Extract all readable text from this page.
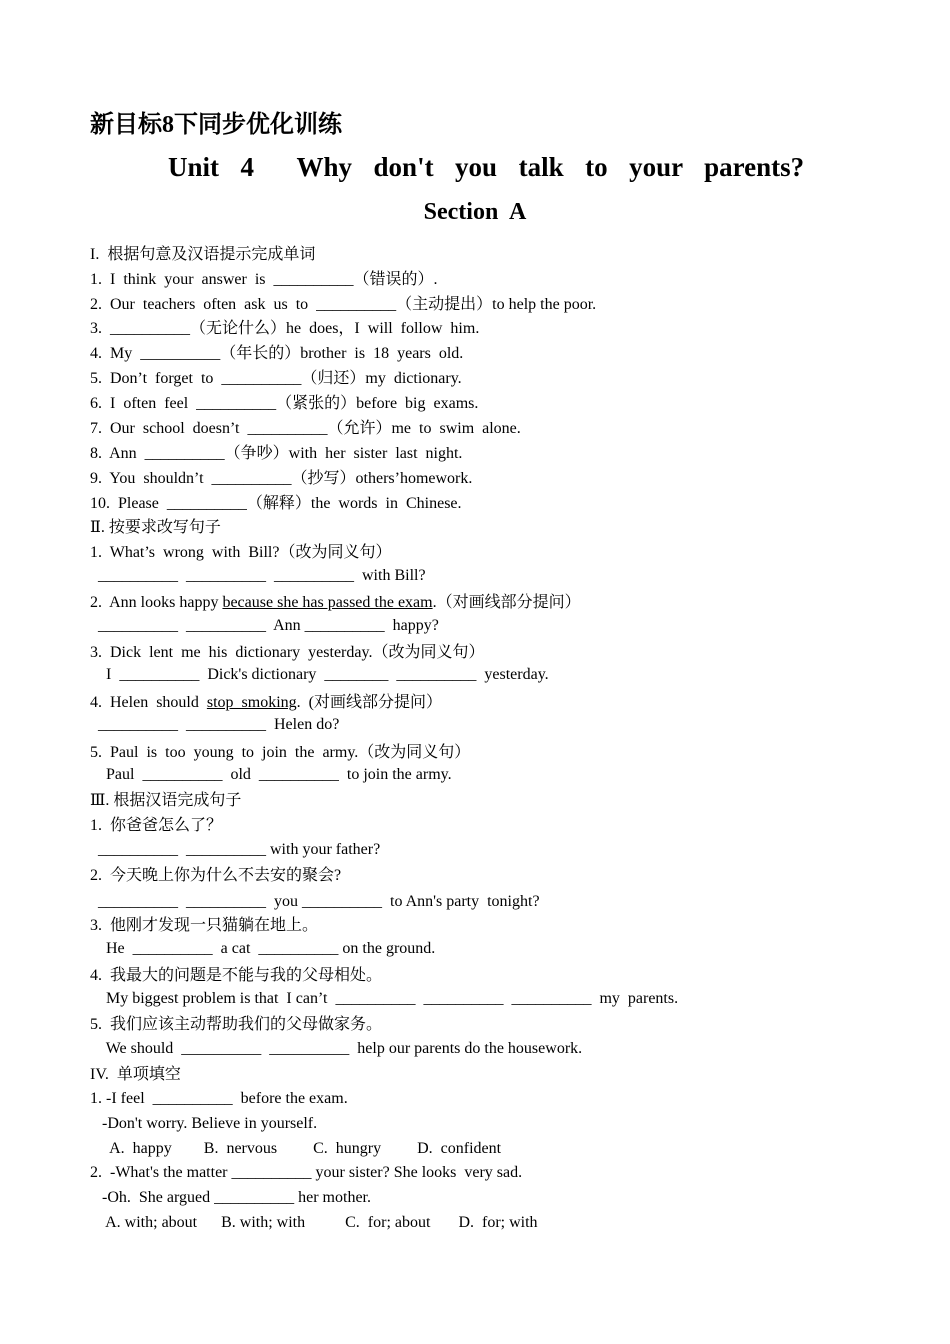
新目标8下同步优化训练
Unit  4    Why  don't  you  talk  to  your  parents?
Section  A
I.  根据句意及汉语提示完成单词
1.  I  think  your  answer  is  __________（错误的）.
2.  Our  teachers  often  ask  us  to  __________（主动提出）to help the poor.
3.  __________（无论什么）he  does，I  will  follow  him.
4.  My  __________（年长的）brother  is  18  years  old.
5.  Don’t  forget  to  __________（归还）my  dictionary.
6.  I  often  feel  __________（紧张的）before  big  exams.
7.  Our  school  doesn’t  __________（允许）me  to  swim  alone.
8.  Ann  __________（争吵）with  her  sister  last  night.
9.  You  shouldn’t  __________（抄写）others’homework.
10.  Please  __________（解释）the  words  in  Chinese.
Ⅱ. 按要求改写句子
1.  What’s  wrong  with  Bill?（改为同义句）
__________  __________  __________  with Bill?
2.  Ann looks happy because she has passed the exam.（对画线部分提问）
__________  __________  Ann __________  happy?
3.  Dick  lent  me  his  dictionary  yesterday.（改为同义句）
I  __________  Dick's dictionary  ________  __________  yesterday.
4.  Helen  should  stop  smoking.  (对画线部分提问）
__________  __________  Helen do?
5.  Paul  is  too  young  to  join  the  army.（改为同义句）
Paul  __________  old  __________  to join the army.
Ⅲ. 根据汉语完成句子
1.  你爸爸怎么了？
__________  __________ with your father?
2.  今天晚上你为什么不去安的聚会?
__________  __________  you __________  to Ann's party  tonight?
3.  他刚才发现一只猫躺在地上。
He  __________  a cat  __________ on the ground.
4.  我最大的问题是不能与我的父母相处。
My biggest problem is that  I can’t  __________  __________  __________  my  parents.
5.  我们应该主动帮助我们的父母做家务。
We should  __________  __________  help our parents do the housework.
IV.  单项填空
1. -I feel  __________  before the exam.
-Don't worry. Believe in yourself.
A.  happy        B.  nervous         C.  hungry         D.  confident
2.  -What's the matter __________ your sister? She looks  very sad.
-Oh.  She argued __________ her mother.
A. with; about      B. with; with          C.  for; about       D.  for; with
